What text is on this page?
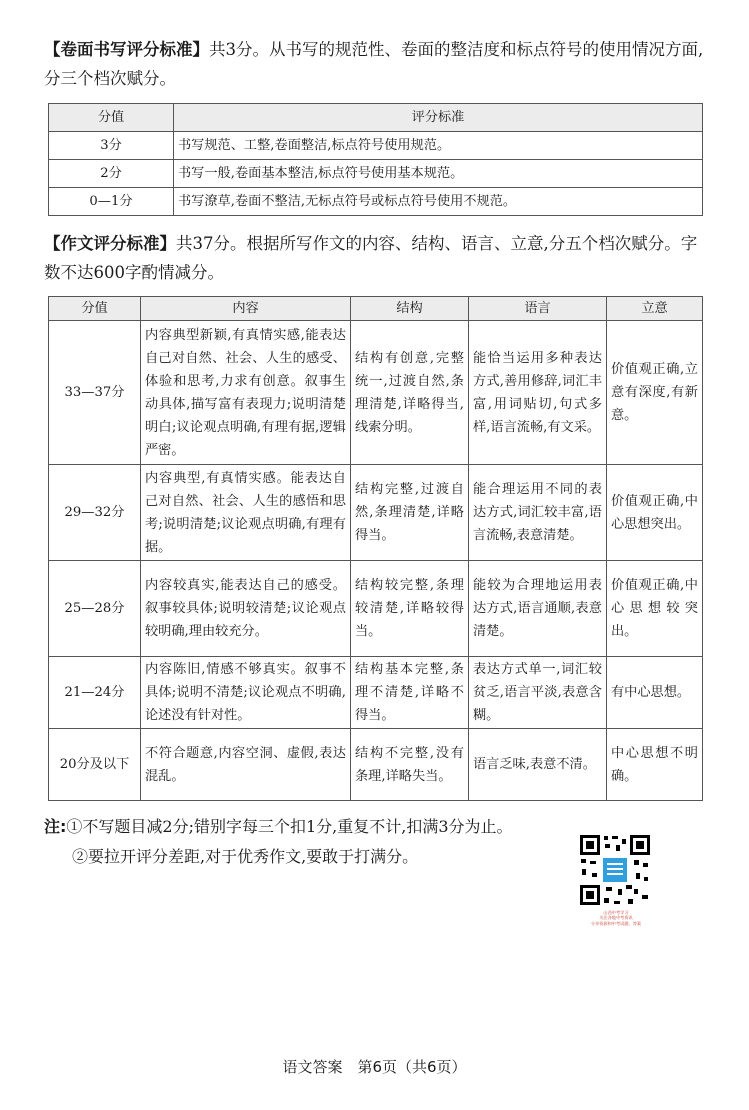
【卷面书写评分标准】共3分。从书写的规范性、卷面的整洁度和标点符号的使用情况方面,分三个档次赋分。
分值	评分标准
3分	书写规范、工整,卷面整洁,标点符号使用规范。
2分	书写一般,卷面基本整洁,标点符号使用基本规范。
0—1分	书写潦草,卷面不整洁,无标点符号或标点符号使用不规范。
【作文评分标准】共37分。根据所写作文的内容、结构、语言、立意,分五个档次赋分。字数不达600字酌情减分。
分值	内容	结构	语言	立意
33—37分	内容典型新颖,有真情实感,能表达自己对自然、社会、人生的感受、体验和思考,力求有创意。叙事生动具体,描写富有表现力;说明清楚明白;议论观点明确,有理有据,逻辑严密。	结构有创意,完整统一,过渡自然,条理清楚,详略得当,线索分明。	能恰当运用多种表达方式,善用修辞,词汇丰富,用词贴切,句式多样,语言流畅,有文采。	价值观正确,立意有深度,有新意。
29—32分	内容典型,有真情实感。能表达自己对自然、社会、人生的感悟和思考;说明清楚;议论观点明确,有理有据。	结构完整,过渡自然,条理清楚,详略得当。	能合理运用不同的表达方式,词汇较丰富,语言流畅,表意清楚。	价值观正确,中心思想突出。
25—28分	内容较真实,能表达自己的感受。叙事较具体;说明较清楚;议论观点较明确,理由较充分。	结构较完整,条理较清楚,详略较得当。	能较为合理地运用表达方式,语言通顺,表意清楚。	价值观正确,中心思想较突出。
21—24分	内容陈旧,情感不够真实。叙事不具体;说明不清楚;议论观点不明确,论述没有针对性。	结构基本完整,条理不清楚,详略不得当。	表达方式单一,词汇较贫乏,语言平淡,表意含糊。	有中心思想。
20分及以下	不符合题意,内容空洞、虚假,表达混乱。	结构不完整,没有条理,详略失当。	语言乏味,表意不清。	中心思想不明确。
注:①不写题目减2分;错别字每三个扣1分,重复不计,扣满3分为止。
②要拉开评分差距,对于优秀作文,要敢于打满分。
山西中考学习
关注各地中考资讯
分享资源和中考试题、答案
语文答案　第6页（共6页）
